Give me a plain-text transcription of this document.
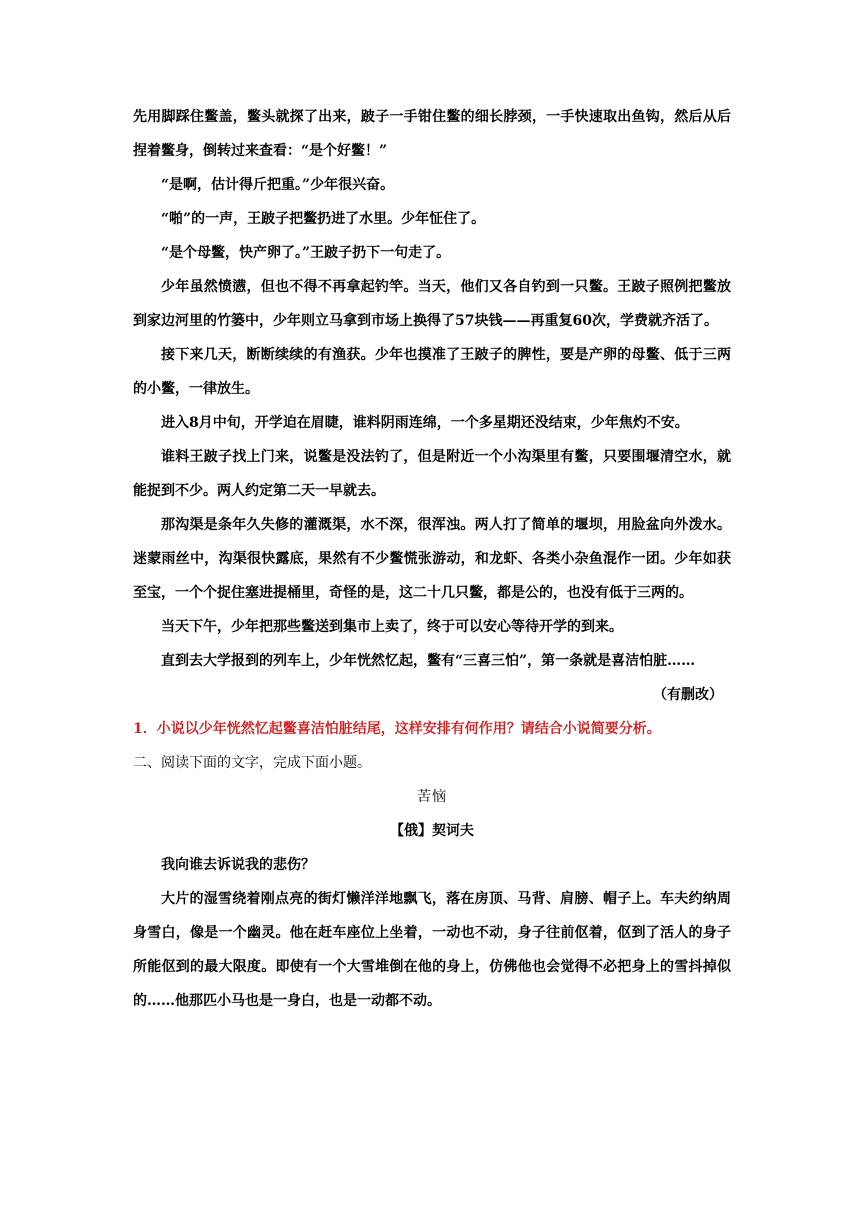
先用脚踩住鳖盖，鳖头就探了出来，跛子一手钳住鳖的细长脖颈，一手快速取出鱼钩，然后从后捏着鳖身，倒转过来查看：“是个好鳖！”

“是啊，估计得斤把重。”少年很兴奋。

“啪”的一声，王跛子把鳖扔进了水里。少年怔住了。

“是个母鳖，快产卵了。”王跛子扔下一句走了。

少年虽然愤懑，但也不得不再拿起钓竿。当天，他们又各自钓到一只鳖。王跛子照例把鳖放到家边河里的竹篓中，少年则立马拿到市场上换得了57块钱——再重复60次，学费就齐活了。

接下来几天，断断续续的有渔获。少年也摸准了王跛子的脾性，要是产卵的母鳖、低于三两的小鳖，一律放生。

进入8月中旬，开学迫在眉睫，谁料阴雨连绵，一个多星期还没结束，少年焦灼不安。

谁料王跛子找上门来，说鳖是没法钓了，但是附近一个小沟渠里有鳖，只要围堰清空水，就能捉到不少。两人约定第二天一早就去。

那沟渠是条年久失修的灌溉渠，水不深，很浑浊。两人打了简单的堰坝，用脸盆向外泼水。迷蒙雨丝中，沟渠很快露底，果然有不少鳖慌张游动，和龙虾、各类小杂鱼混作一团。少年如获至宝，一个个捉住塞进提桶里，奇怪的是，这二十几只鳖，都是公的，也没有低于三两的。

当天下午，少年把那些鳖送到集市上卖了，终于可以安心等待开学的到来。

直到去大学报到的列车上，少年恍然忆起，鳖有“三喜三怕”，第一条就是喜洁怕脏……

（有删改）

1．小说以少年恍然忆起鳖喜洁怕脏结尾，这样安排有何作用？请结合小说简要分析。

二、阅读下面的文字，完成下面小题。

苦恼

【俄】契诃夫

我向谁去诉说我的悲伤？

大片的湿雪绕着刚点亮的街灯懒洋洋地飘飞，落在房顶、马背、肩膀、帽子上。车夫约纳周身雪白，像是一个幽灵。他在赶车座位上坐着，一动也不动，身子往前伛着，伛到了活人的身子所能伛到的最大限度。即使有一个大雪堆倒在他的身上，仿佛他也会觉得不必把身上的雪抖掉似的……他那匹小马也是一身白，也是一动都不动。
